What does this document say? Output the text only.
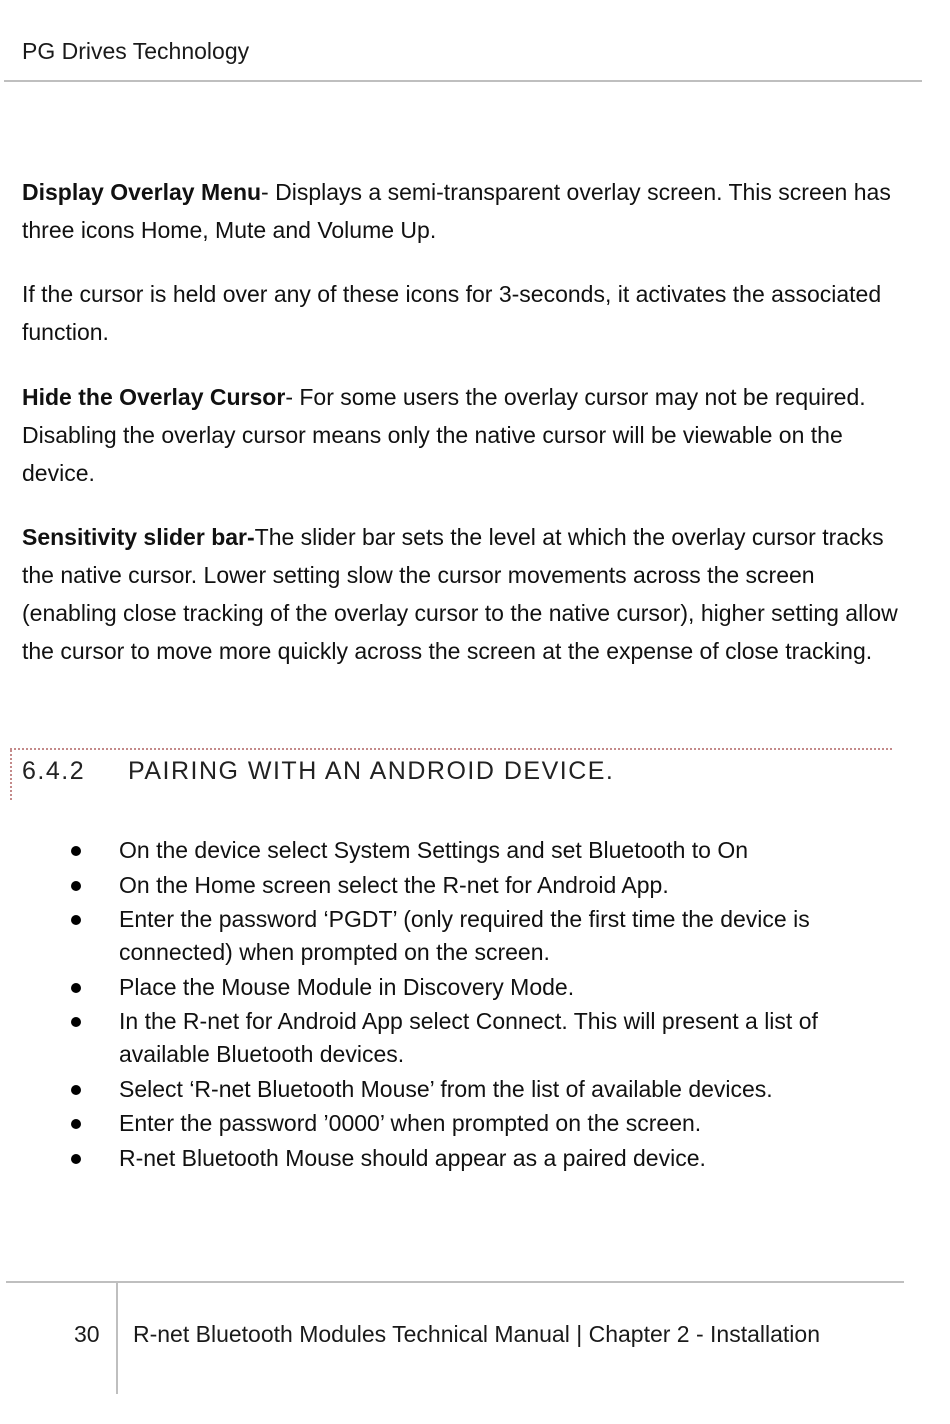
PG Drives Technology

Display Overlay Menu- Displays a semi-transparent overlay screen. This screen has three icons Home, Mute and Volume Up.

If the cursor is held over any of these icons for 3-seconds, it activates the associated function.

Hide the Overlay Cursor- For some users the overlay cursor may not be required. Disabling the overlay cursor means only the native cursor will be viewable on the device.

Sensitivity slider bar-The slider bar sets the level at which the overlay cursor tracks the native cursor. Lower setting slow the cursor movements across the screen (enabling close tracking of the overlay cursor to the native cursor), higher setting allow the cursor to move more quickly across the screen at the expense of close tracking.

6.4.2 PAIRING WITH AN ANDROID DEVICE.
On the device select System Settings and set Bluetooth to On
On the Home screen select the R-net for Android App.
Enter the password ‘PGDT’ (only required the first time the device is connected) when prompted on the screen.
Place the Mouse Module in Discovery Mode.
In the R-net for Android App select Connect. This will present a list of available Bluetooth devices.
Select ‘R-net Bluetooth Mouse’ from the list of available devices.
Enter the password ’0000’ when prompted on the screen.
R-net Bluetooth Mouse should appear as a paired device.
30 R-net Bluetooth Modules Technical Manual | Chapter 2 - Installation
